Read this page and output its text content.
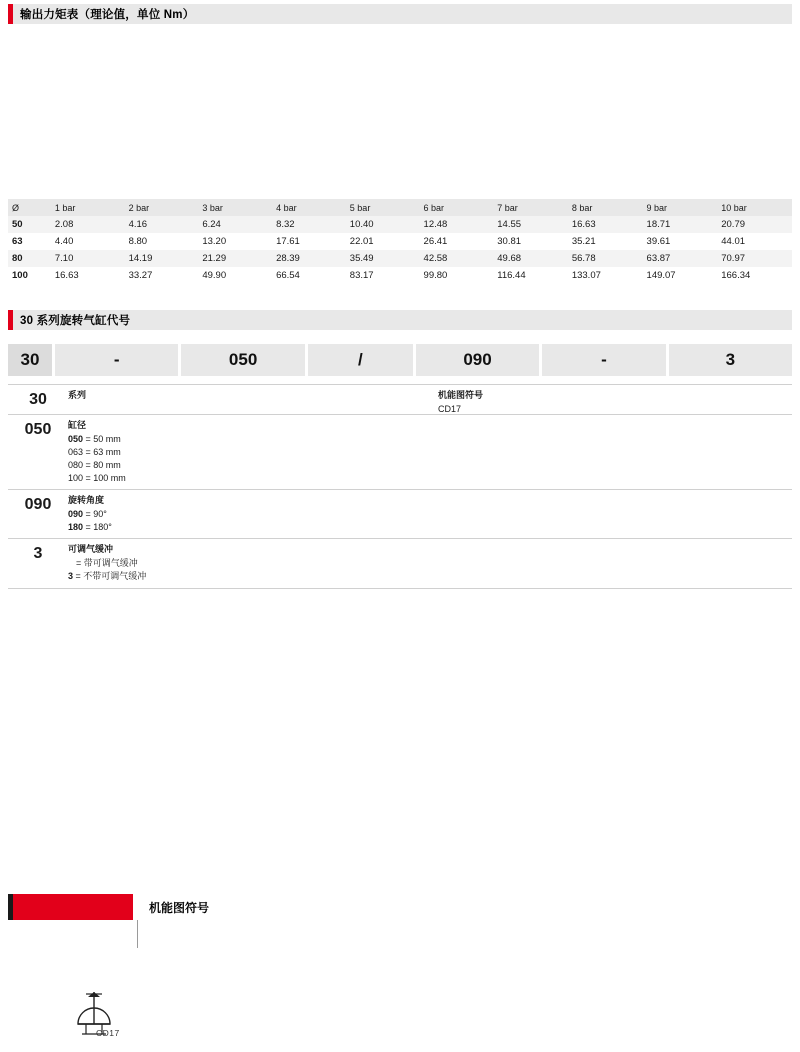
输出力矩表（理论值，单位 Nm）
Ø	1 bar	2 bar	3 bar	4 bar	5 bar	6 bar	7 bar	8 bar	9 bar	10 bar
50	2.08	4.16	6.24	8.32	10.40	12.48	14.55	16.63	18.71	20.79
63	4.40	8.80	13.20	17.61	22.01	26.41	30.81	35.21	39.61	44.01
80	7.10	14.19	21.29	28.39	35.49	42.58	49.68	56.78	63.87	70.97
100	16.63	33.27	49.90	66.54	83.17	99.80	116.44	133.07	149.07	166.34
30 系列旋转气缸代号
30	-	050	/	090	-	3
30	系列	机能图符号
CD17
050	缸径
050 = 50 mm
063 = 63 mm
080 = 80 mm
100 = 100 mm
090	旋转角度
090 = 90°
180 = 180°
3	可调气缓冲
= 带可调气缓冲
3 = 不带可调气缓冲
机能图符号
CD17
